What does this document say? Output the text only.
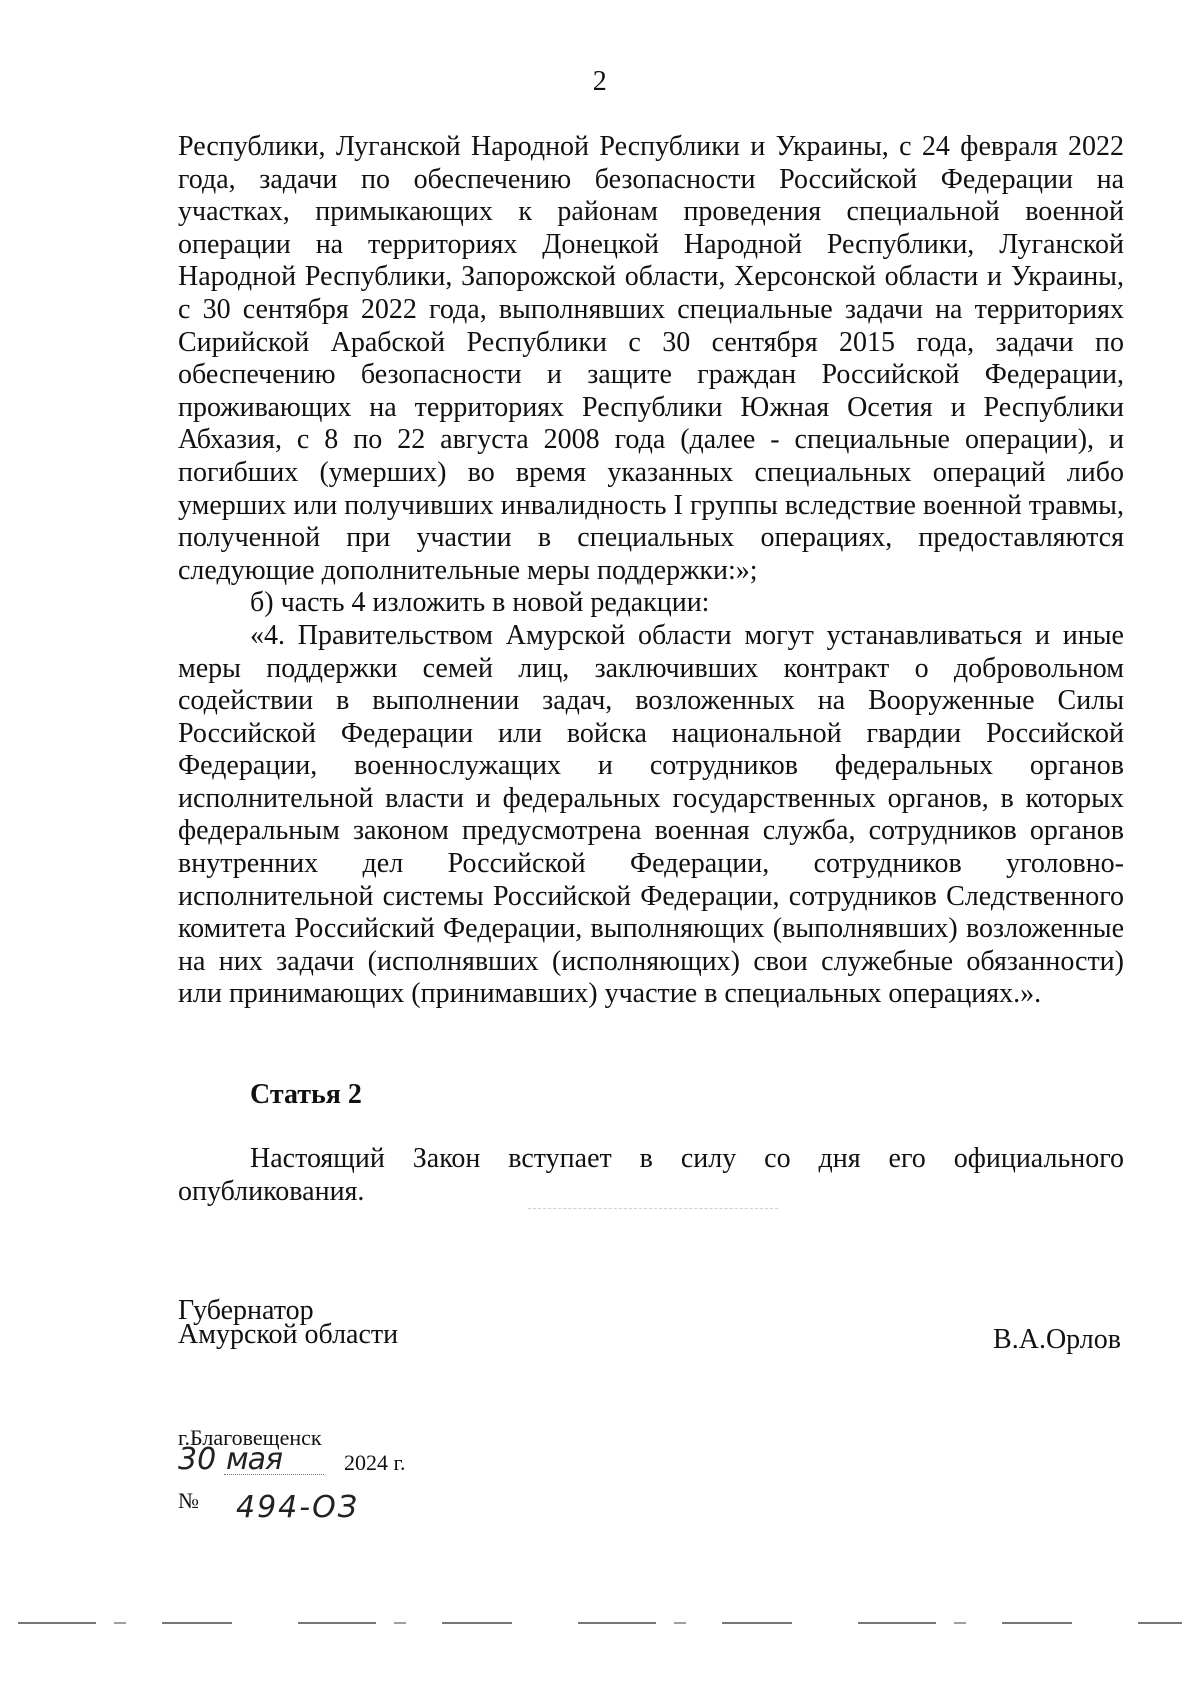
2

Республики, Луганской Народной Республики и Украины, с 24 февраля 2022 года, задачи по обеспечению безопасности Российской Федерации на участках, примыкающих к районам проведения специальной военной операции на территориях Донецкой Народной Республики, Луганской Народной Республики, Запорожской области, Херсонской области и Украины, с 30 сентября 2022 года, выполнявших специальные задачи на территориях Сирийской Арабской Республики с 30 сентября 2015 года, задачи по обеспечению безопасности и защите граждан Российской Федерации, проживающих на территориях Республики Южная Осетия и Республики Абхазия, с 8 по 22 августа 2008 года (далее - специальные операции), и погибших (умерших) во время указанных специальных операций либо умерших или получивших инвалидность I группы вследствие военной травмы, полученной при участии в специальных операциях, предоставляются следующие дополнительные меры поддержки:»;

б) часть 4 изложить в новой редакции:

«4. Правительством Амурской области могут устанавливаться и иные меры поддержки семей лиц, заключивших контракт о добровольном содействии в выполнении задач, возложенных на Вооруженные Силы Российской Федерации или войска национальной гвардии Российской Федерации, военнослужащих и сотрудников федеральных органов исполнительной власти и федеральных государственных органов, в которых федеральным законом предусмотрена военная служба, сотрудников органов внутренних дел Российской Федерации, сотрудников уголовно-исполнительной системы Российской Федерации, сотрудников Следственного комитета Российский Федерации, выполняющих (выполнявших) возложенные на них задачи (исполнявших (исполняющих) свои служебные обязанности) или принимающих (принимавших) участие в специальных операциях.».

Статья 2

Настоящий Закон вступает в силу со дня его официального опубликования.

Губернатор
Амурской области	В.А.Орлов
г.Благовещенск
30 мая	2024 г.
№ 494-ОЗ
